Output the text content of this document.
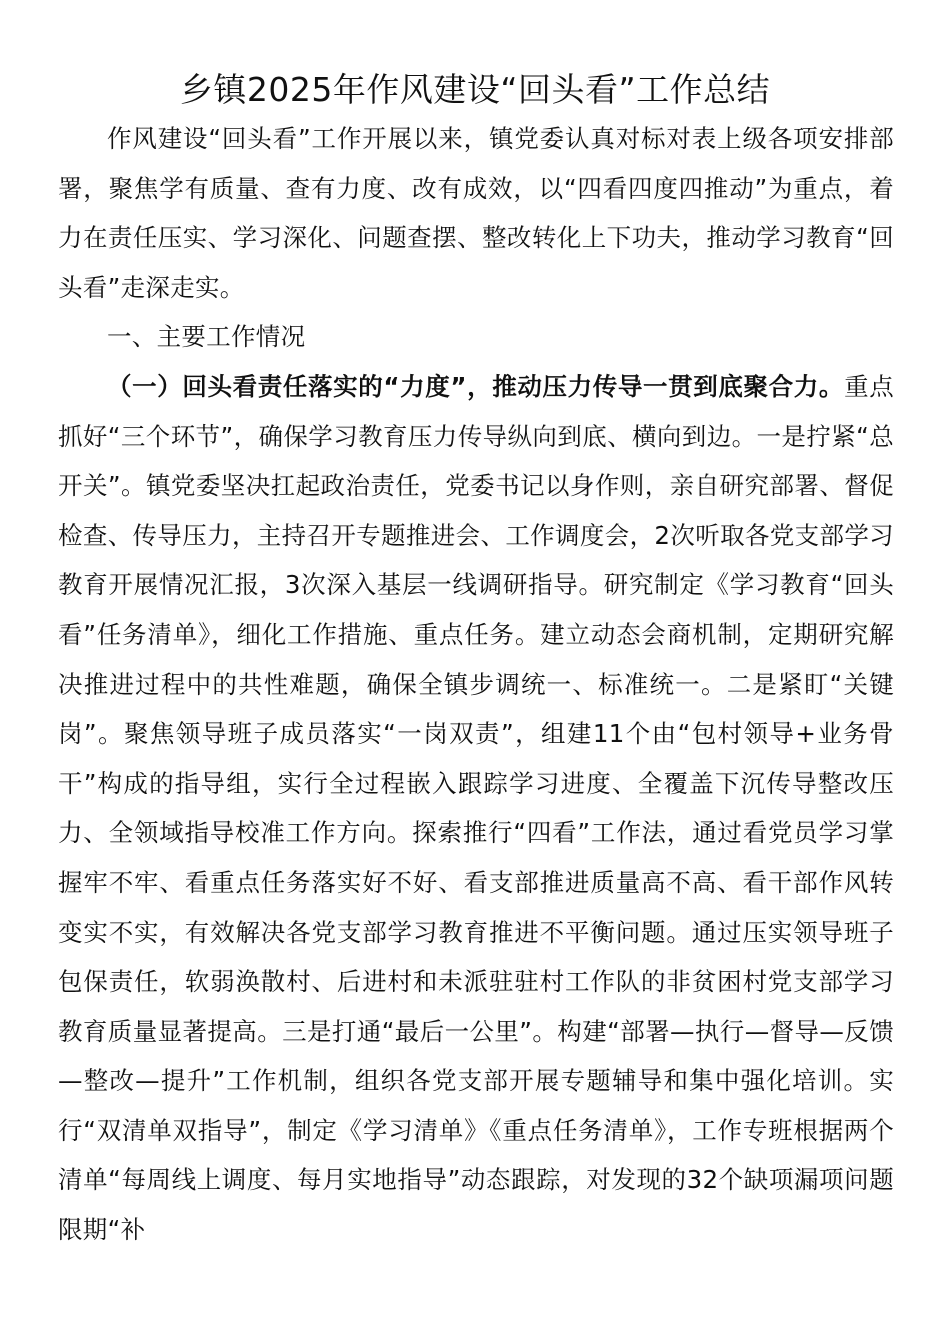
乡镇2025年作风建设“回头看”工作总结

作风建设“回头看”工作开展以来，镇党委认真对标对表上级各项安排部署，聚焦学有质量、查有力度、改有成效，以“四看四度四推动”为重点，着力在责任压实、学习深化、问题查摆、整改转化上下功夫，推动学习教育“回头看”走深走实。

一、主要工作情况

（一）回头看责任落实的“力度”，推动压力传导一贯到底聚合力。重点抓好“三个环节”，确保学习教育压力传导纵向到底、横向到边。一是拧紧“总开关”。镇党委坚决扛起政治责任，党委书记以身作则，亲自研究部署、督促检查、传导压力，主持召开专题推进会、工作调度会，2次听取各党支部学习教育开展情况汇报，3次深入基层一线调研指导。研究制定《学习教育“回头看”任务清单》，细化工作措施、重点任务。建立动态会商机制，定期研究解决推进过程中的共性难题，确保全镇步调统一、标准统一。二是紧盯“关键岗”。聚焦领导班子成员落实“一岗双责”，组建11个由“包村领导+业务骨干”构成的指导组，实行全过程嵌入跟踪学习进度、全覆盖下沉传导整改压力、全领域指导校准工作方向。探索推行“四看”工作法，通过看党员学习掌握牢不牢、看重点任务落实好不好、看支部推进质量高不高、看干部作风转变实不实，有效解决各党支部学习教育推进不平衡问题。通过压实领导班子包保责任，软弱涣散村、后进村和未派驻驻村工作队的非贫困村党支部学习教育质量显著提高。三是打通“最后一公里”。构建“部署—执行—督导—反馈—整改—提升”工作机制，组织各党支部开展专题辅导和集中强化培训。实行“双清单双指导”，制定《学习清单》《重点任务清单》，工作专班根据两个清单“每周线上调度、每月实地指导”动态跟踪，对发现的32个缺项漏项问题限期“补
